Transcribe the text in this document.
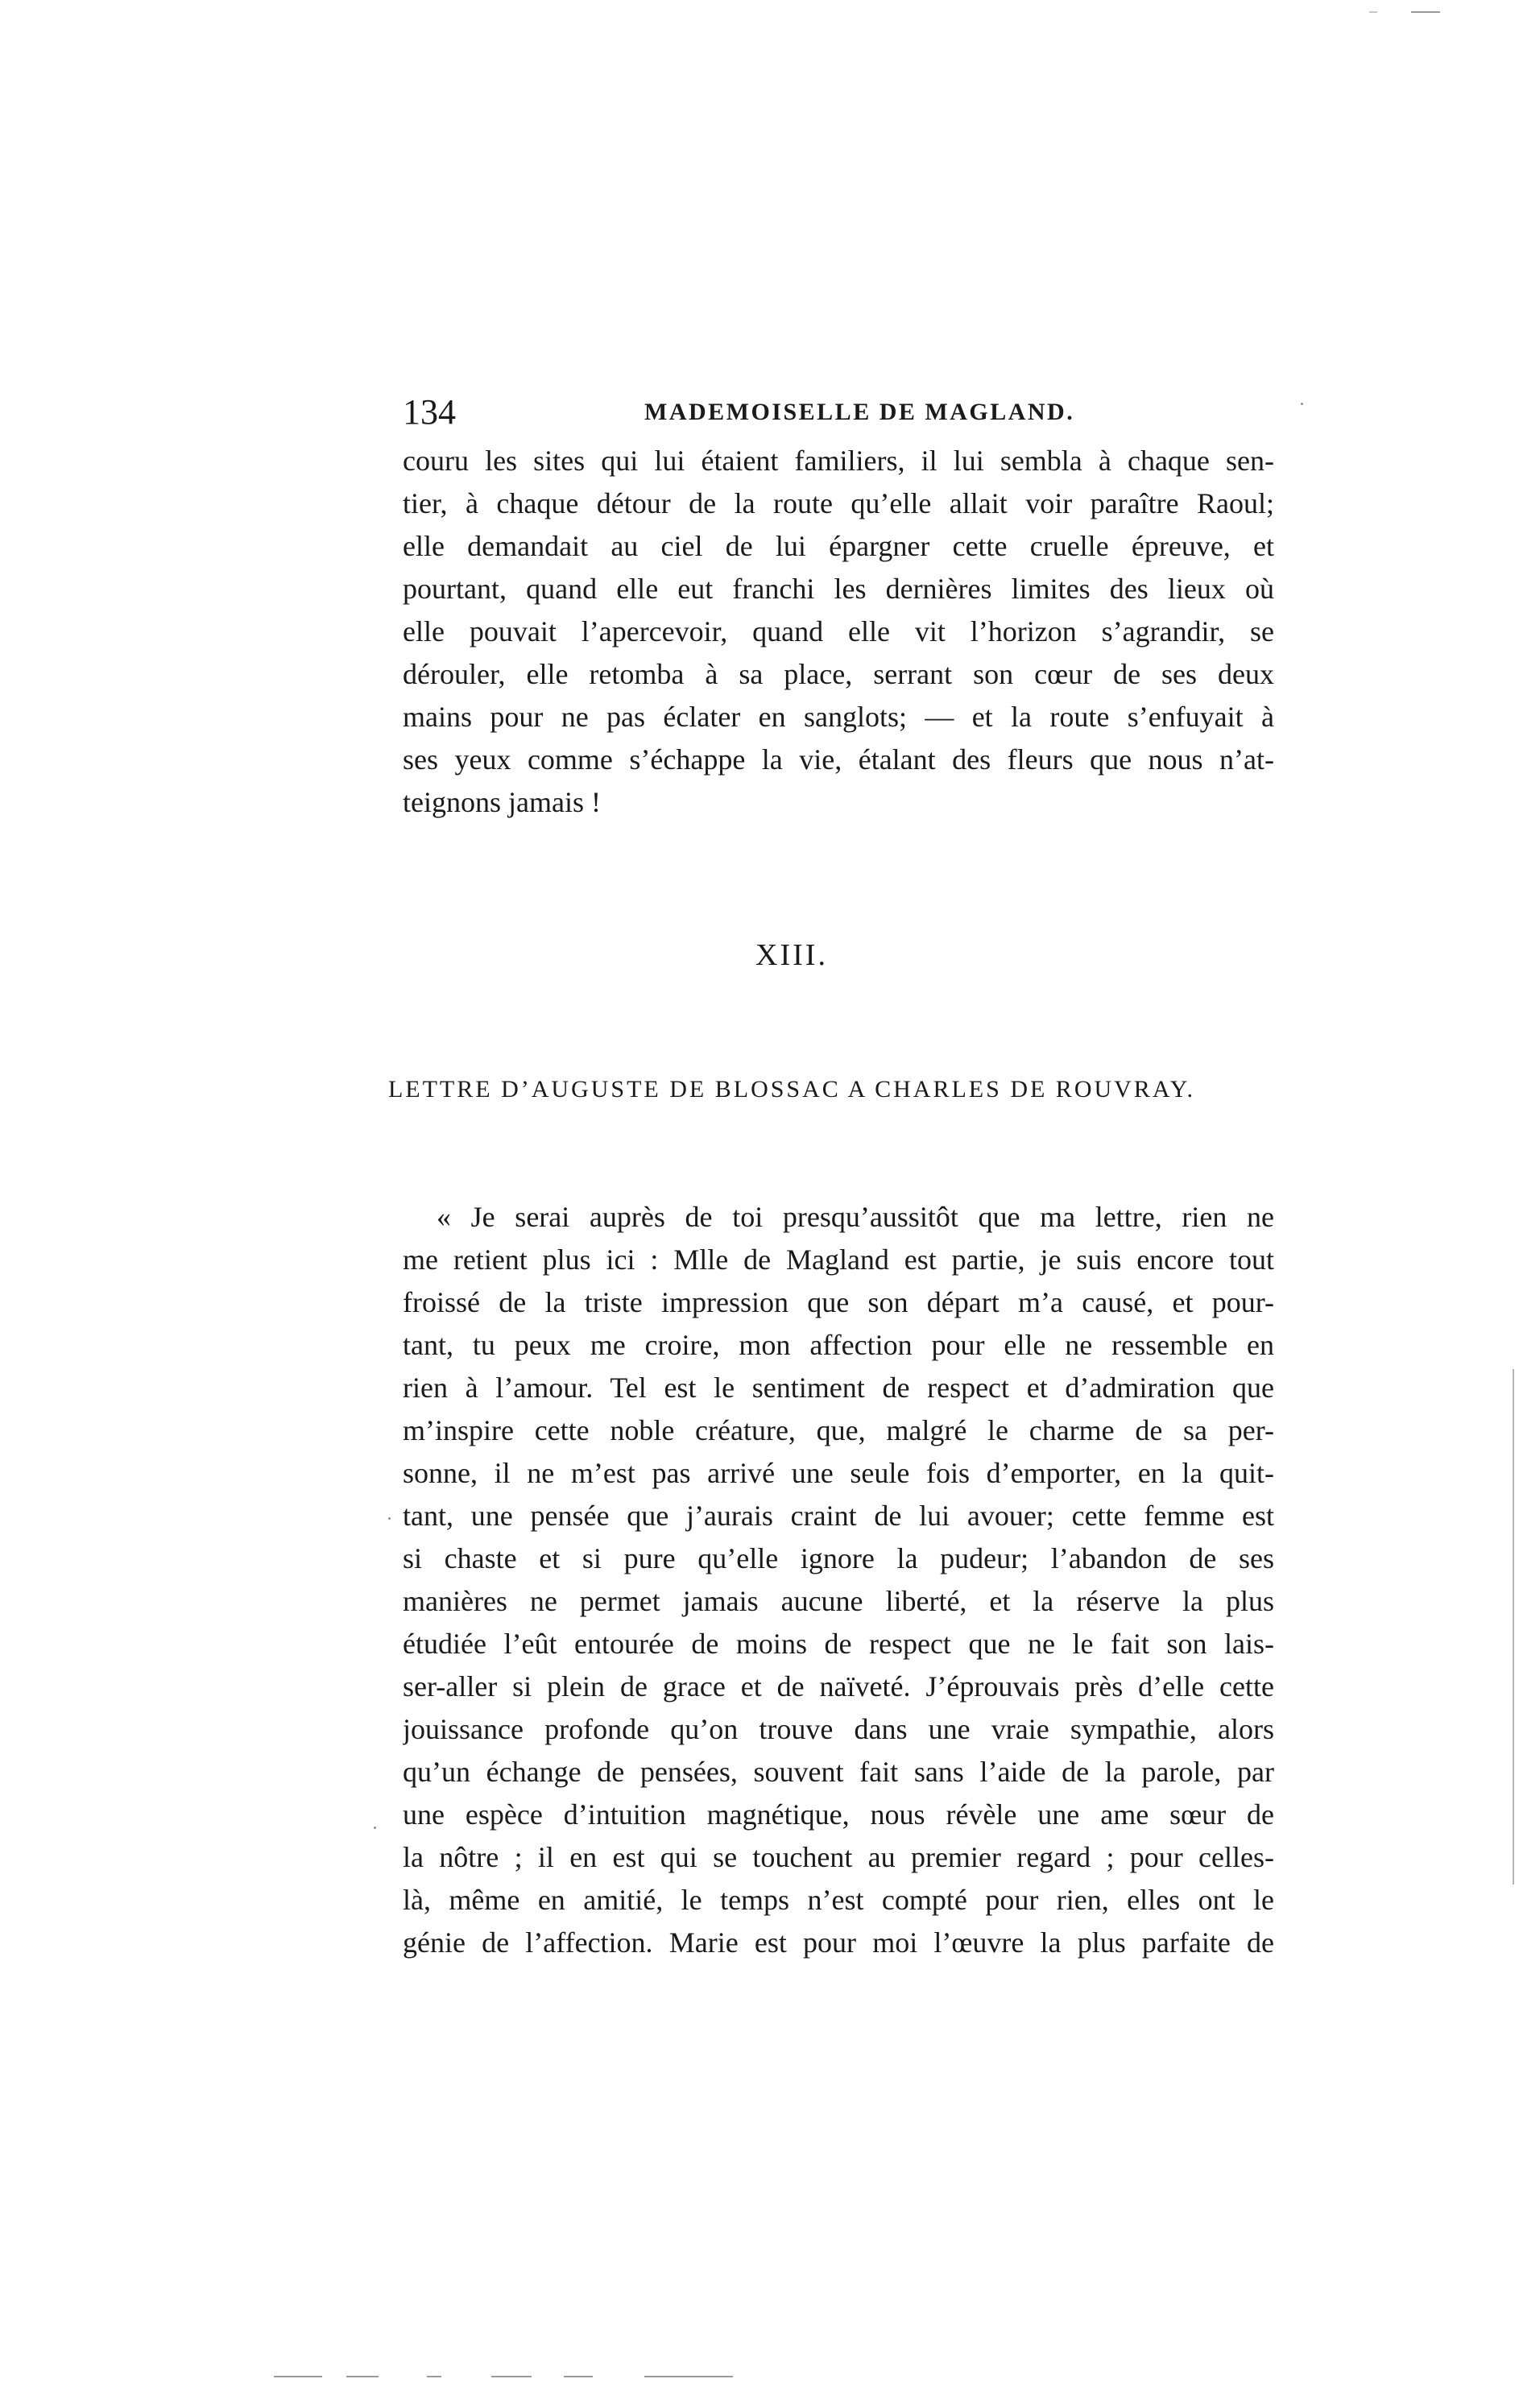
134	MADEMOISELLE DE MAGLAND.
couru les sites qui lui étaient familiers, il lui sembla à chaque sen-
tier, à chaque détour de la route qu’elle allait voir paraître Raoul;
elle demandait au ciel de lui épargner cette cruelle épreuve, et
pourtant, quand elle eut franchi les dernières limites des lieux où
elle pouvait l’apercevoir, quand elle vit l’horizon s’agrandir, se
dérouler, elle retomba à sa place, serrant son cœur de ses deux
mains pour ne pas éclater en sanglots; — et la route s’enfuyait à
ses yeux comme s’échappe la vie, étalant des fleurs que nous n’at-
teignons jamais !
XIII.
LETTRE D’AUGUSTE DE BLOSSAC A CHARLES DE ROUVRAY.
« Je serai auprès de toi presqu’aussitôt que ma lettre, rien ne
me retient plus ici : Mlle de Magland est partie, je suis encore tout
froissé de la triste impression que son départ m’a causé, et pour-
tant, tu peux me croire, mon affection pour elle ne ressemble en
rien à l’amour. Tel est le sentiment de respect et d’admiration que
m’inspire cette noble créature, que, malgré le charme de sa per-
sonne, il ne m’est pas arrivé une seule fois d’emporter, en la quit-
tant, une pensée que j’aurais craint de lui avouer; cette femme est
si chaste et si pure qu’elle ignore la pudeur; l’abandon de ses
manières ne permet jamais aucune liberté, et la réserve la plus
étudiée l’eût entourée de moins de respect que ne le fait son lais-
ser-aller si plein de grace et de naïveté. J’éprouvais près d’elle cette
jouissance profonde qu’on trouve dans une vraie sympathie, alors
qu’un échange de pensées, souvent fait sans l’aide de la parole, par
une espèce d’intuition magnétique, nous révèle une ame sœur de
la nôtre ; il en est qui se touchent au premier regard ; pour celles-
là, même en amitié, le temps n’est compté pour rien, elles ont le
génie de l’affection. Marie est pour moi l’œuvre la plus parfaite de
